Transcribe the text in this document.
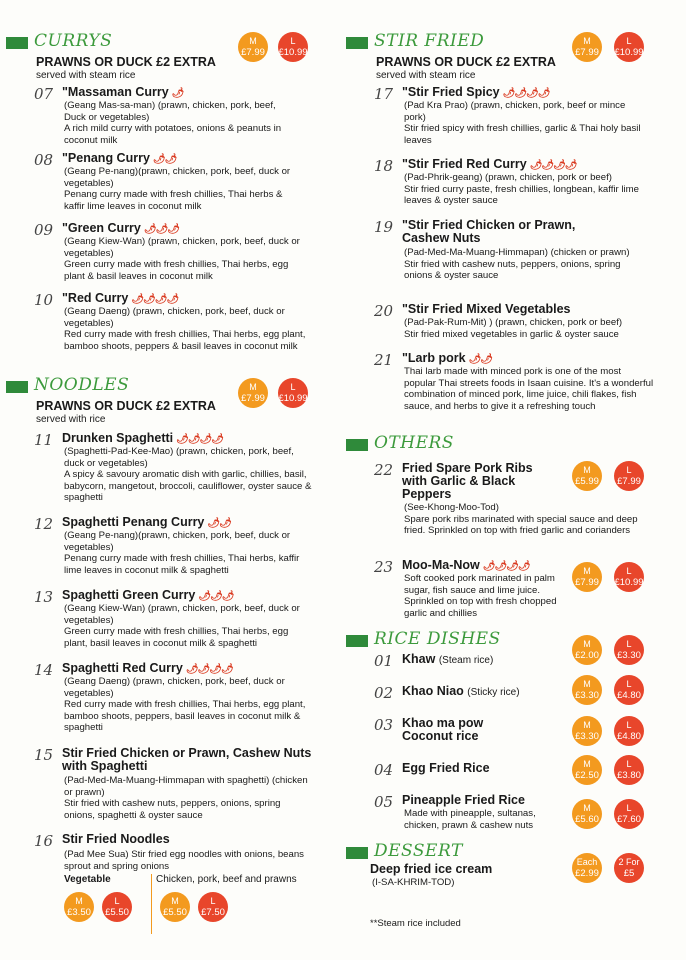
CURRYS
PRAWNS OR DUCK £2 EXTRA
served with steam rice
M
£7.99
L
£10.99
07 "Massaman Curry 🌶
(Geang Mas-sa-man) (prawn, chicken, pork, beef, Duck or vegetables)
A rich mild curry with potatoes, onions & peanuts in coconut milk
08 "Penang Curry 🌶🌶
(Geang Pe-nang)(prawn, chicken, pork, beef, duck or vegetables)
Penang curry made with fresh chillies, Thai herbs & kaffir lime leaves in coconut milk
09 "Green Curry 🌶🌶🌶
(Geang Kiew-Wan) (prawn, chicken, pork, beef, duck or vegetables)
Green curry made with fresh chillies, Thai herbs, egg plant & basil leaves in coconut milk
10 "Red Curry 🌶🌶🌶🌶
(Geang Daeng) (prawn, chicken, pork, beef, duck or vegetables)
Red curry made with fresh chillies, Thai herbs, egg plant, bamboo shoots, peppers & basil leaves in coconut milk
NOODLES
PRAWNS OR DUCK £2 EXTRA
served with rice
M
£7.99
L
£10.99
11 Drunken Spaghetti 🌶🌶🌶🌶
(Spaghetti-Pad-Kee-Mao) (prawn, chicken, pork, beef, duck or vegetables)
A spicy & savoury aromatic dish with garlic, chillies, basil, babycorn, mangetout, broccoli, cauliflower, oyster sauce & spaghetti
12 Spaghetti Penang Curry 🌶🌶
(Geang Pe-nang)(prawn, chicken, pork, beef, duck or vegetables)
Penang curry made with fresh chillies, Thai herbs, kaffir lime leaves in coconut milk & spaghetti
13 Spaghetti Green Curry 🌶🌶🌶
(Geang Kiew-Wan) (prawn, chicken, pork, beef, duck or vegetables)
Green curry made with fresh chillies, Thai herbs, egg plant, basil leaves in coconut milk & spaghetti
14 Spaghetti Red Curry 🌶🌶🌶🌶
(Geang Daeng) (prawn, chicken, pork, beef, duck or vegetables)
Red curry made with fresh chillies, Thai herbs, egg plant, bamboo shoots, peppers, basil leaves in coconut milk & spaghetti
15 Stir Fried Chicken or Prawn, Cashew Nuts with Spaghetti
(Pad-Med-Ma-Muang-Himmapan with spaghetti) (chicken or prawn)
Stir fried with cashew nuts, peppers, onions, spring onions, spaghetti & oyster sauce
16 Stir Fried Noodles
(Pad Mee Sua) Stir fried egg noodles with onions, beans sprout and spring onions
Vegetable	Chicken, pork, beef and prawns
M
£3.50
L
£5.50
M
£5.50
L
£7.50
STIR FRIED
PRAWNS OR DUCK £2 EXTRA
served with steam rice
M
£7.99
L
£10.99
17 "Stir Fried Spicy 🌶🌶🌶🌶
(Pad Kra Prao) (prawn, chicken, pork, beef or mince pork)
Stir fried spicy with fresh chillies, garlic & Thai holy basil leaves
18 "Stir Fried Red Curry 🌶🌶🌶🌶
(Pad-Phrik-geang) (prawn, chicken, pork or beef)
Stir fried curry paste, fresh chillies, longbean, kaffir lime leaves & oyster sauce
19 "Stir Fried Chicken or Prawn, Cashew Nuts
(Pad-Med-Ma-Muang-Himmapan) (chicken or prawn)
Stir fried with cashew nuts, peppers, onions, spring onions & oyster sauce
20 "Stir Fried Mixed Vegetables
(Pad-Pak-Rum-Mit) ) (prawn, chicken, pork or beef)
Stir fried mixed vegetables in garlic & oyster sauce
21 "Larb pork 🌶🌶
Thai larb made with minced pork is one of the most popular Thai streets foods in Isaan cuisine. It's a wonderful combination of minced pork, lime juice, chili flakes, fish sauce, and herbs to give it a refreshing touch
OTHERS
22 Fried Spare Pork Ribs with Garlic & Black Peppers
(See-Khong-Moo-Tod)
Spare pork ribs marinated with special sauce and deep fried. Sprinkled on top with fried garlic and corianders
M
£5.99
L
£7.99
23 Moo-Ma-Now 🌶🌶🌶🌶
Soft cooked pork marinated in palm sugar, fish sauce and lime juice. Sprinkled on top with fresh chopped garlic and chillies
M
£7.99
L
£10.99
RICE DISHES
01 Khaw (Steam rice)
M
£2.00
L
£3.30
02 Khao Niao (Sticky rice)
M
£3.30
L
£4.80
03 Khao ma pow Coconut rice
M
£3.30
L
£4.80
04 Egg Fried Rice	M
£2.50
L
£3.80
05 Pineapple Fried Rice
Made with pineapple, sultanas, chicken, prawn & cashew nuts
M
£5.60
L
£7.60
DESSERT
Deep fried ice cream
(I-SA-KHRIM-TOD)
Each
£2.99
2 For
£5
**Steam rice included
